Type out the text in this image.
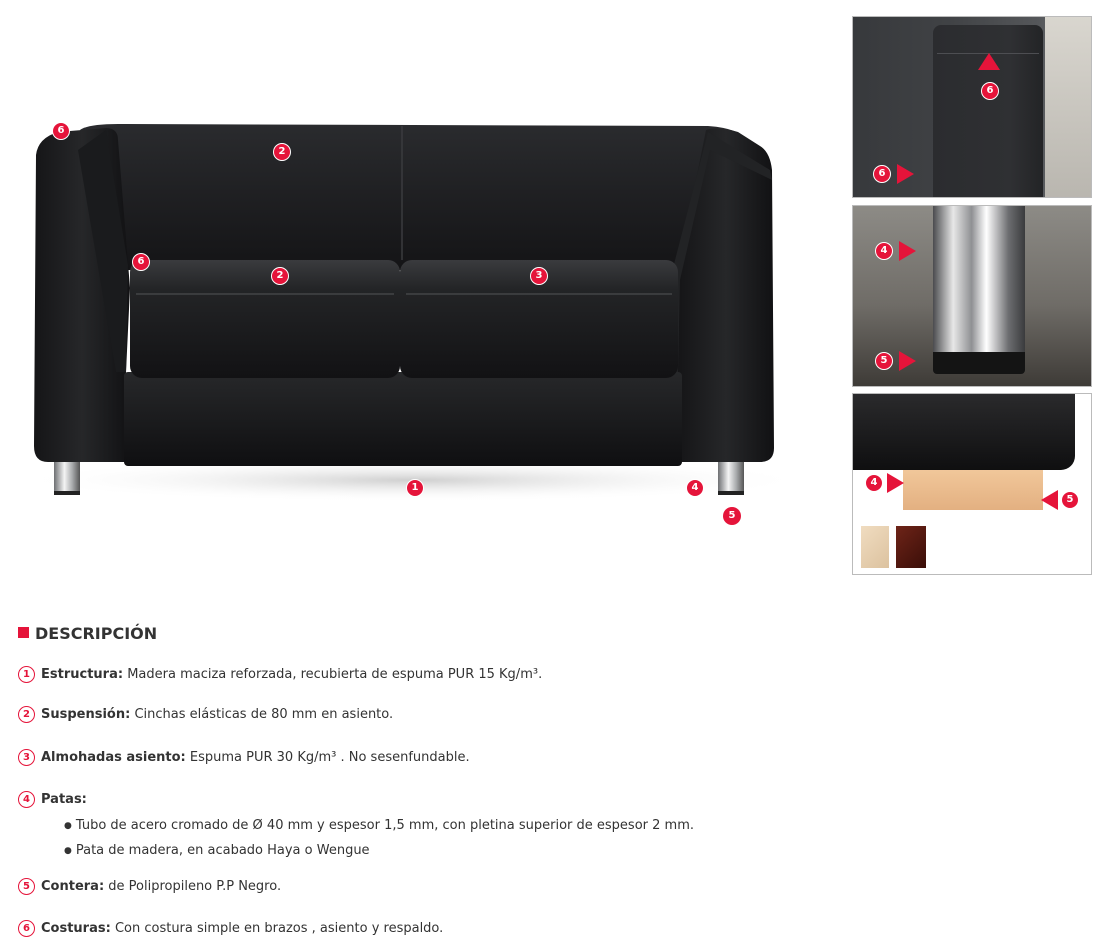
6
2
6
2	3
1	4
5
6
6
4
5
4
5
DESCRIPCIÓN
1 Estructura: Madera maciza reforzada, recubierta de espuma PUR 15 Kg/m³.
2 Suspensión: Cinchas elásticas de 80 mm en asiento.
3 Almohadas asiento: Espuma PUR 30 Kg/m³ . No sesenfundable.
4 Patas:
● Tubo de acero cromado de Ø 40 mm y espesor 1,5 mm, con pletina superior de espesor 2 mm.
● Pata de madera, en acabado Haya o Wengue
5 Contera: de Polipropileno P.P Negro.
6 Costuras: Con costura simple en brazos , asiento y respaldo.
